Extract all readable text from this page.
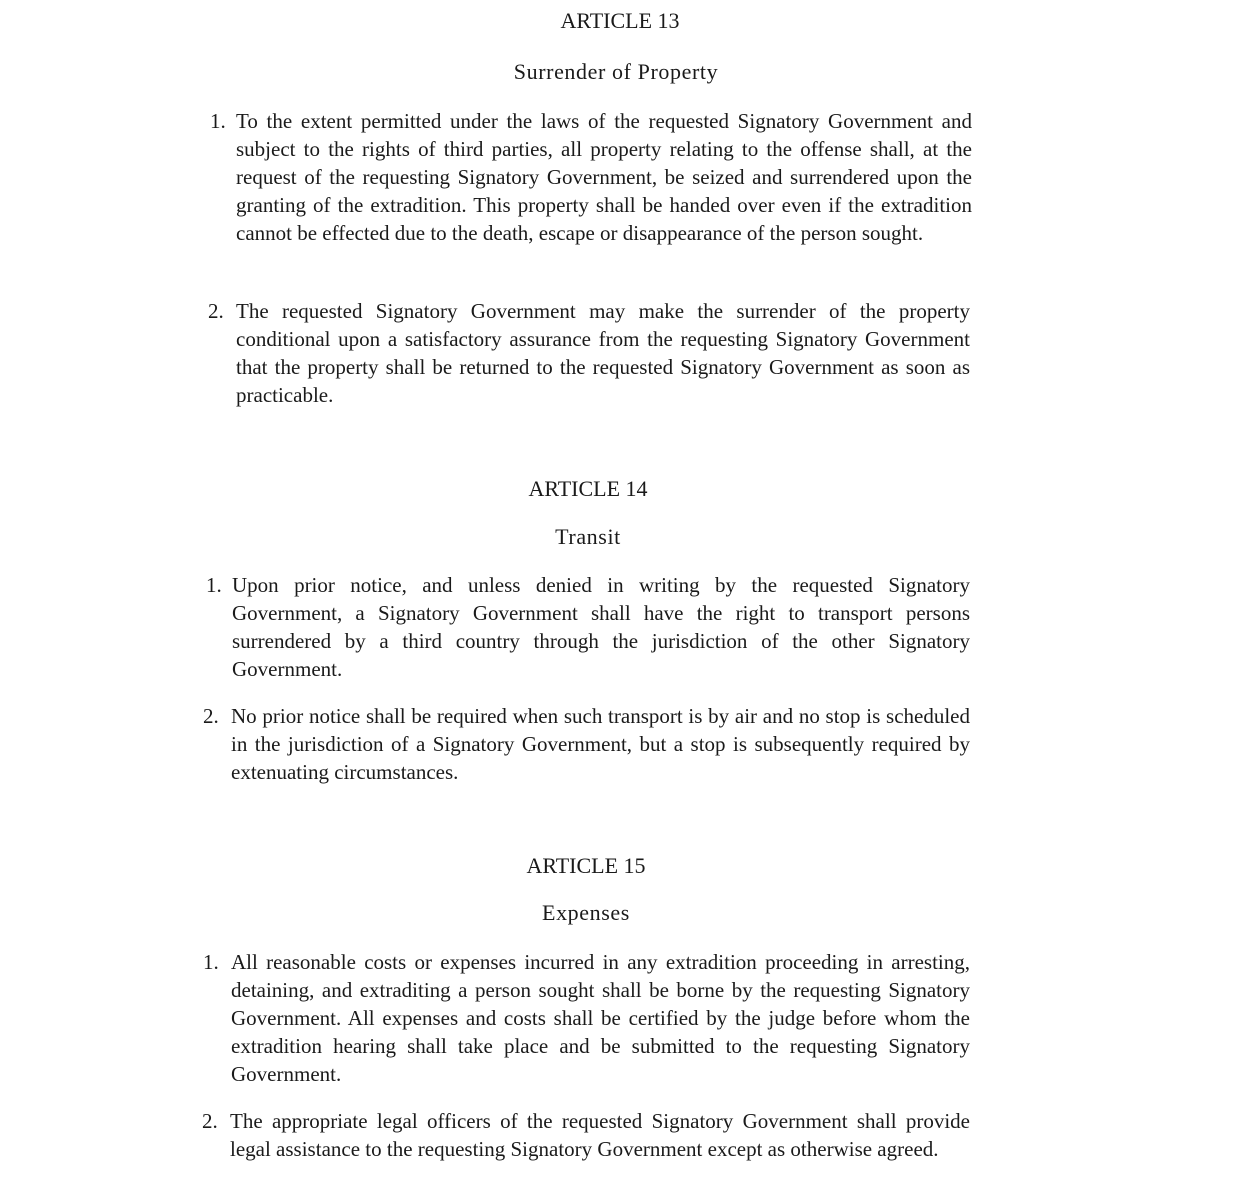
ARTICLE 13
Surrender of Property
1. To the extent permitted under the laws of the requested Signatory Government and subject to the rights of third parties, all property relating to the offense shall, at the request of the requesting Signatory Government, be seized and surrendered upon the granting of the extradition. This property shall be handed over even if the extradition cannot be effected due to the death, escape or disappearance of the person sought.
2. The requested Signatory Government may make the surrender of the property conditional upon a satisfactory assurance from the requesting Signatory Government that the property shall be returned to the requested Signatory Government as soon as practicable.
ARTICLE 14
Transit
1. Upon prior notice, and unless denied in writing by the requested Signatory Government, a Signatory Government shall have the right to transport persons surrendered by a third country through the jurisdiction of the other Signatory Government.
2. No prior notice shall be required when such transport is by air and no stop is scheduled in the jurisdiction of a Signatory Government, but a stop is subsequently required by extenuating circumstances.
ARTICLE 15
Expenses
1. All reasonable costs or expenses incurred in any extradition proceeding in arresting, detaining, and extraditing a person sought shall be borne by the requesting Signatory Government. All expenses and costs shall be certified by the judge before whom the extradition hearing shall take place and be submitted to the requesting Signatory Government.
2. The appropriate legal officers of the requested Signatory Government shall provide legal assistance to the requesting Signatory Government except as otherwise agreed.
